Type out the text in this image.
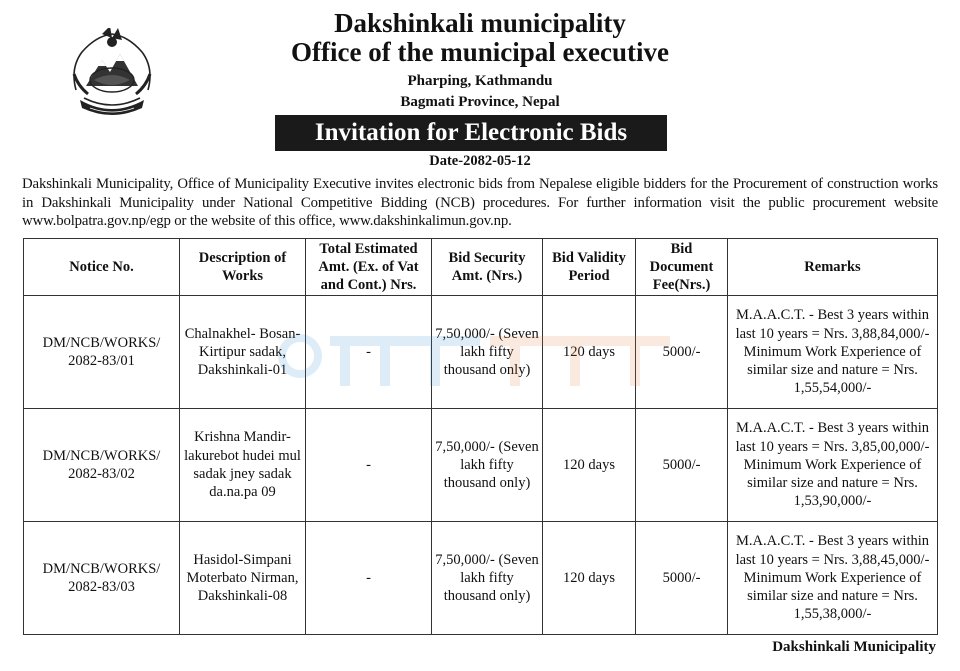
Dakshinkali municipality
Office of the municipal executive
Pharping, Kathmandu
Bagmati Province, Nepal
Invitation for Electronic Bids
Date-2082-05-12
Dakshinkali Municipality, Office of Municipality Executive invites electronic bids from Nepalese eligible bidders for the Procurement of construction works in Dakshinkali Municipality under National Competitive Bidding (NCB) procedures. For further information visit the public procurement website www.bolpatra.gov.np/egp or the website of this office, www.dakshinkalimun.gov.np.
Notice No.	Description of Works	Total Estimated Amt. (Ex. of Vat and Cont.) Nrs.	Bid Security Amt. (Nrs.)	Bid Validity Period	Bid Document Fee(Nrs.)	Remarks
DM/NCB/WORKS/ 2082-83/01	Chalnakhel- Bosan- Kirtipur sadak, Dakshinkali-01	-	7,50,000/- (Seven lakh fifty thousand only)	120 days	5000/-	M.A.A.C.T. - Best 3 years within last 10 years = Nrs. 3,88,84,000/- Minimum Work Experience of similar size and nature = Nrs. 1,55,54,000/-
DM/NCB/WORKS/ 2082-83/02	Krishna Mandir- lakurebot hudei mul sadak jney sadak da.na.pa 09	-	7,50,000/- (Seven lakh fifty thousand only)	120 days	5000/-	M.A.A.C.T. - Best 3 years within last 10 years = Nrs. 3,85,00,000/- Minimum Work Experience of similar size and nature = Nrs. 1,53,90,000/-
DM/NCB/WORKS/ 2082-83/03	Hasidol-Simpani Moterbato Nirman, Dakshinkali-08	-	7,50,000/- (Seven lakh fifty thousand only)	120 days	5000/-	M.A.A.C.T. - Best 3 years within last 10 years = Nrs. 3,88,45,000/- Minimum Work Experience of similar size and nature = Nrs. 1,55,38,000/-
Dakshinkali Municipality
